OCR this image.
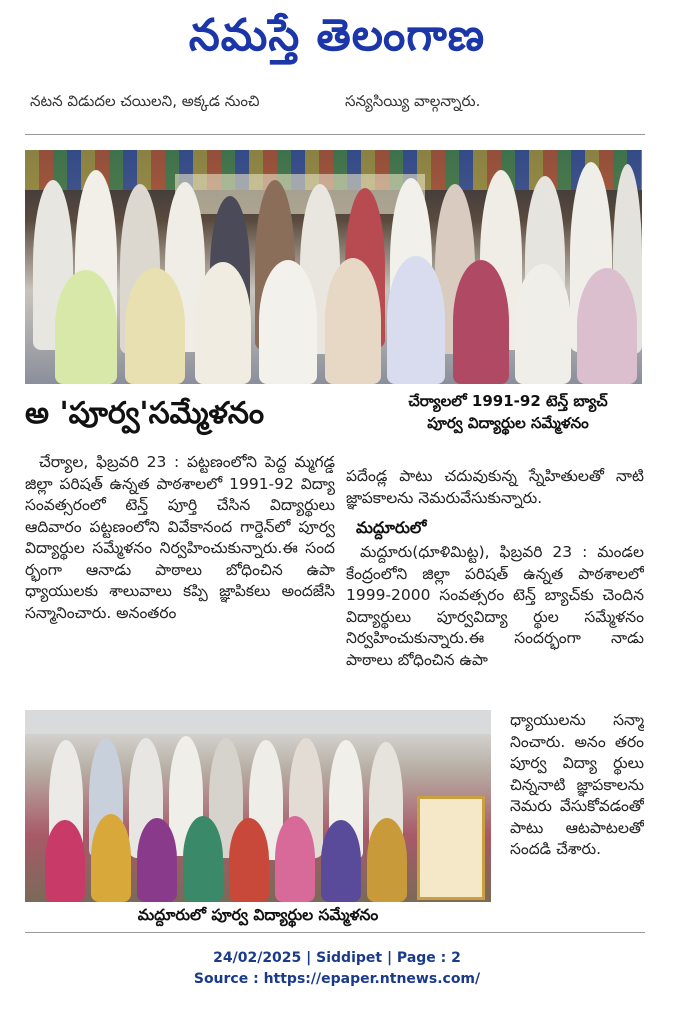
నమస్తే తెలంగాణ
నటన విడుదల చయిలని, అక్కడ నుంచి	సన్యసియ్యి వాల్గన్నారు.
చేర్యాలలో 1991-92 టెన్త్ బ్యాచ్
పూర్వ విద్యార్థుల సమ్మేళనం
అ 'పూర్వ'సమ్మేళనం
చేర్యాల, ఫిబ్రవరి 23 : పట్టణంలోని పెద్ద మ్మగడ్డ జిల్లా పరిషత్ ఉన్నత పాఠశాలలో 1991-92 విద్యా సంవత్సరంలో టెన్త్ పూర్తి చేసిన విద్యార్థులు ఆదివారం పట్టణంలోని వివేకానంద గార్డెన్‌లో పూర్వ విద్యార్థుల సమ్మేళనం నిర్వహించుకున్నారు.ఈ సంద ర్భంగా ఆనాడు పాఠాలు బోధించిన ఉపా ధ్యాయులకు శాలువాలు కప్పి జ్ఞాపికలు అందజేసి సన్మానించారు. అనంతరం
పదేండ్ల పాటు చదువుకున్న స్నేహితులతో నాటి జ్ఞాపకాలను నెమరువేసుకున్నారు.
మద్దూరులో
మద్దూరు(ధూళిమిట్ట), ఫిబ్రవరి 23 : మండల కేంద్రంలోని జిల్లా పరిషత్ ఉన్నత పాఠశాలలో 1999-2000 సంవత్సరం టెన్త్ బ్యాచ్‌కు చెందిన విద్యార్థులు పూర్వవిద్యా ర్థుల సమ్మేళనం నిర్వహించుకున్నారు.ఈ సందర్భంగా నాడు పాఠాలు బోధించిన ఉపా
ధ్యాయులను సన్మా నించారు. అనం తరం పూర్వ విద్యా ర్థులు చిన్ననాటి జ్ఞాపకాలను నెమరు వేసుకోవడంతో పాటు ఆటపాటలతో సందడి చేశారు.
మద్దూరులో పూర్వ విద్యార్థుల సమ్మేళనం
24/02/2025 | Siddipet | Page : 2
Source : https://epaper.ntnews.com/
